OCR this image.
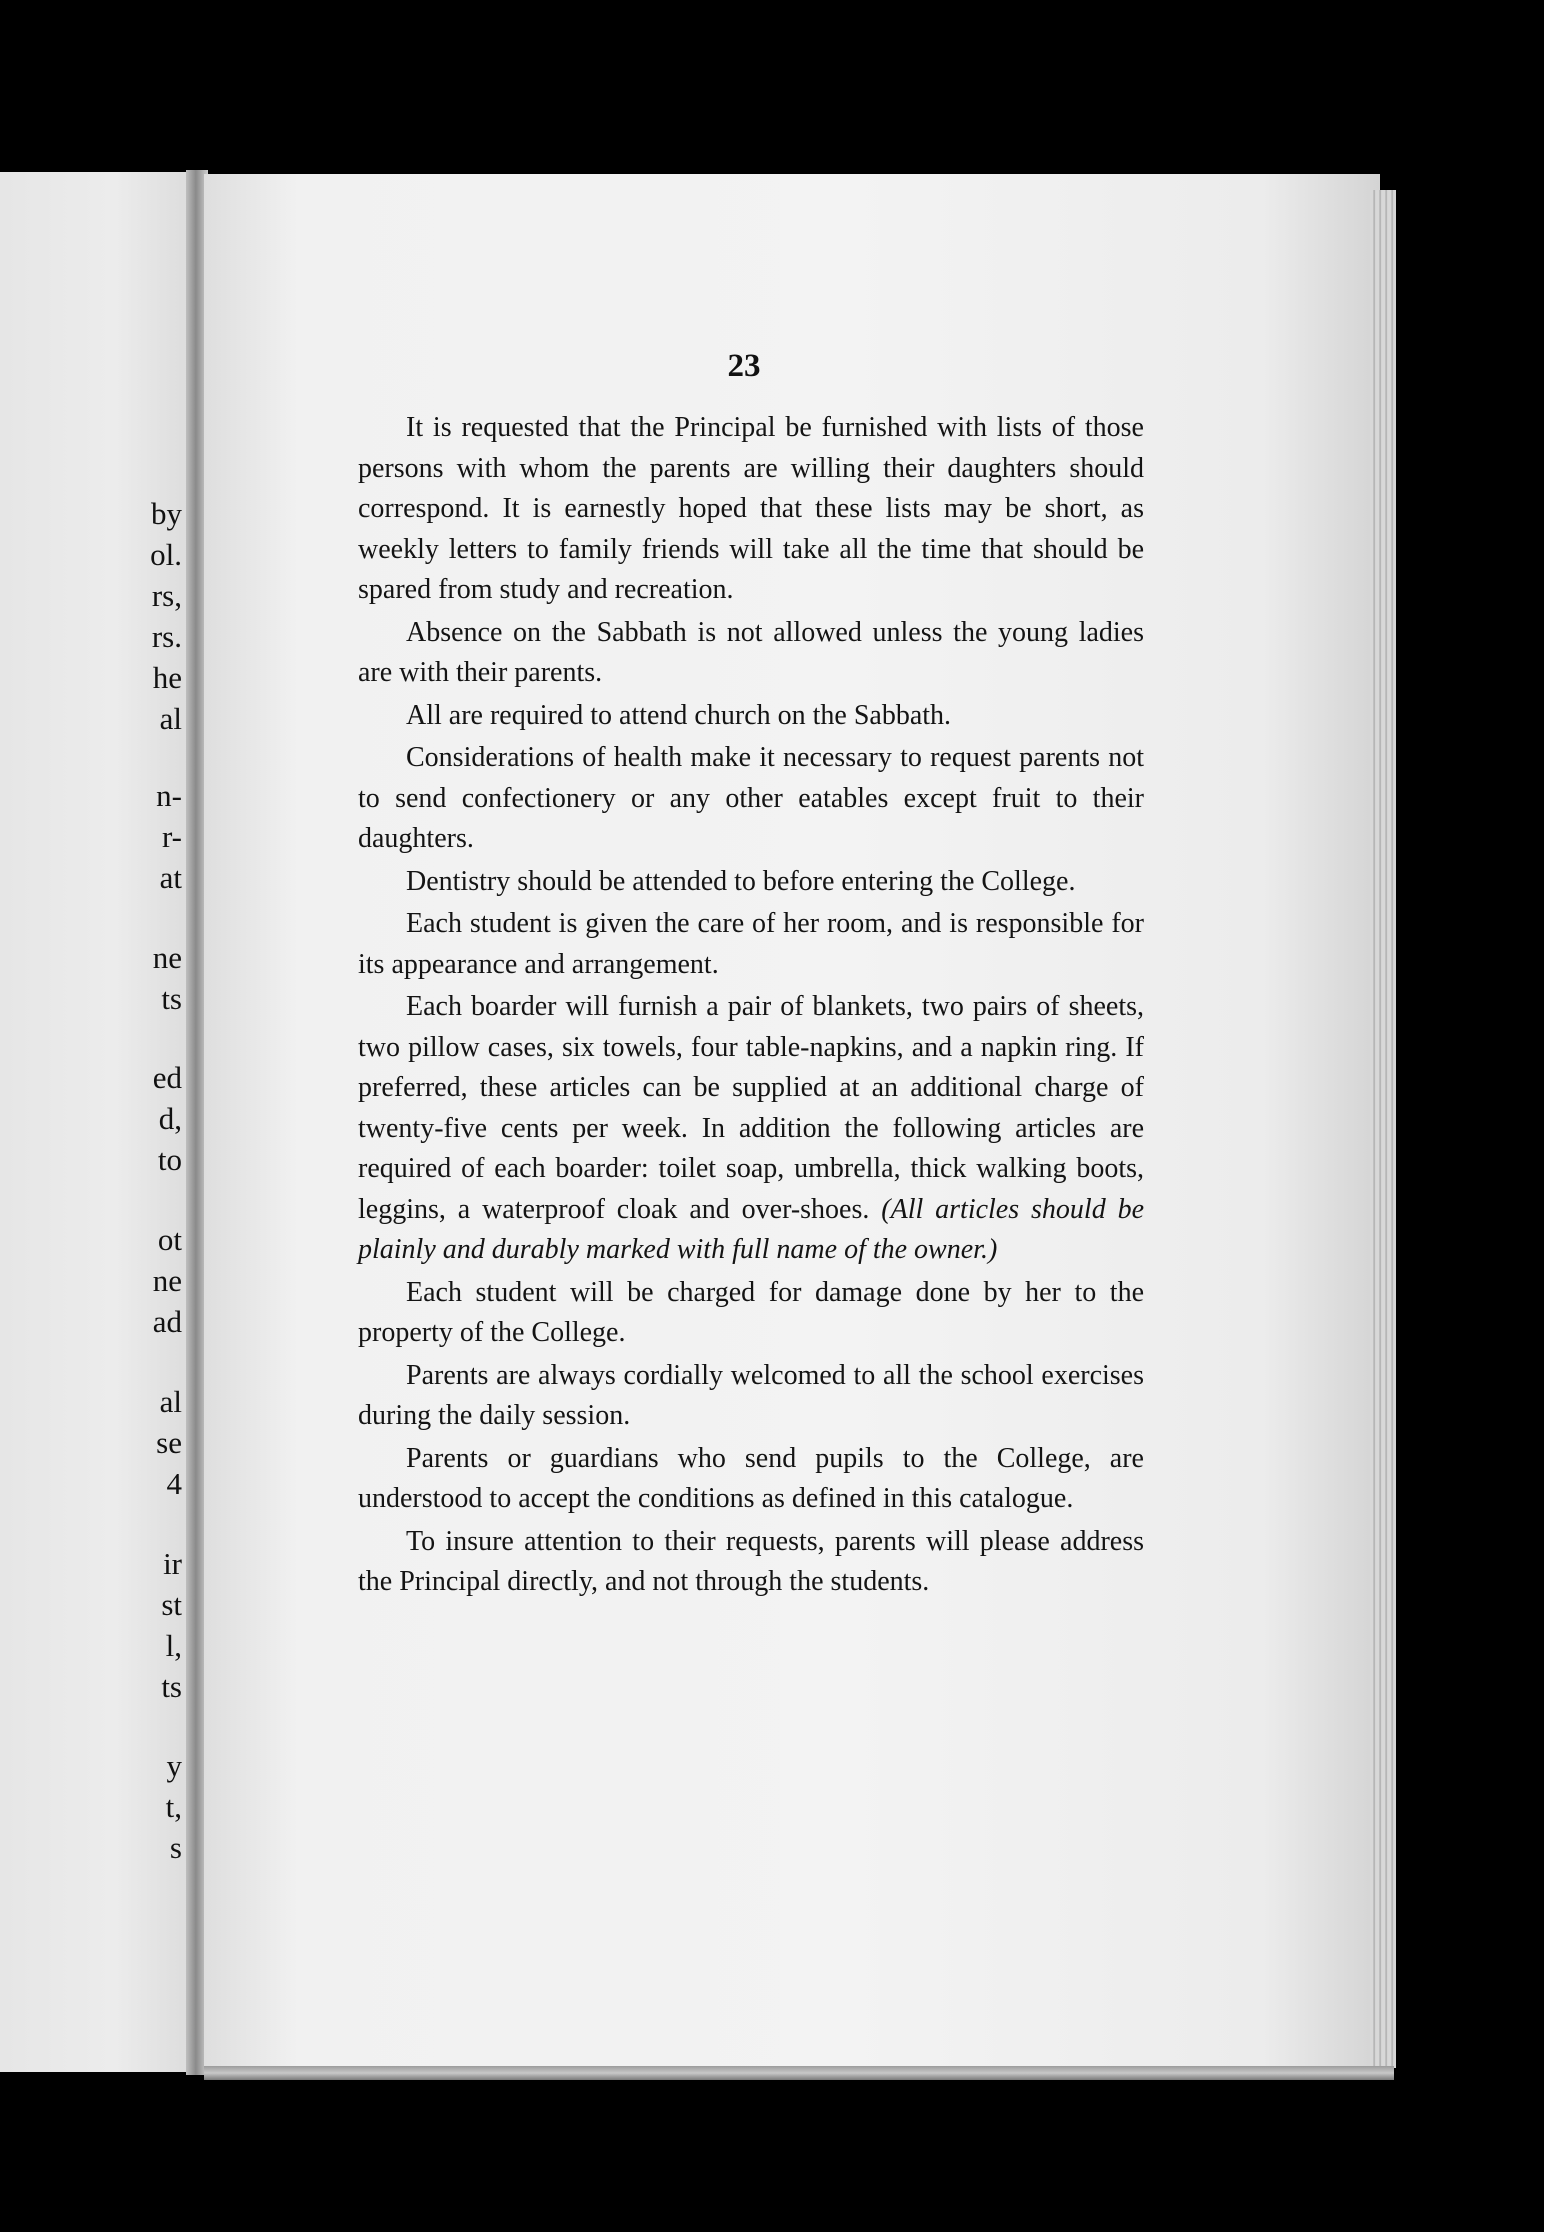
by

ol.

rs,

rs.

he

al

n-

r-

at

ne

ts

ed

d,

to

ot

ne

ad

al

se

4

ir

st

l,

ts

y

t,

s

23

It is requested that the Principal be furnished with lists of those persons with whom the parents are willing their daughters should correspond. It is earnestly hoped that these lists may be short, as weekly letters to family friends will take all the time that should be spared from study and recreation.

Absence on the Sabbath is not allowed unless the young ladies are with their parents.

All are required to attend church on the Sabbath.

Considerations of health make it necessary to request parents not to send confectionery or any other eatables except fruit to their daughters.

Dentistry should be attended to before entering the College.

Each student is given the care of her room, and is responsible for its appearance and arrangement.

Each boarder will furnish a pair of blankets, two pairs of sheets, two pillow cases, six towels, four table-napkins, and a napkin ring. If preferred, these articles can be supplied at an additional charge of twenty-five cents per week. In addition the following articles are required of each boarder: toilet soap, umbrella, thick walking boots, leggins, a waterproof cloak and over-shoes. (All articles should be plainly and durably marked with full name of the owner.)

Each student will be charged for damage done by her to the property of the College.

Parents are always cordially welcomed to all the school exercises during the daily session.

Parents or guardians who send pupils to the College, are understood to accept the conditions as defined in this catalogue.

To insure attention to their requests, parents will please address the Principal directly, and not through the students.
